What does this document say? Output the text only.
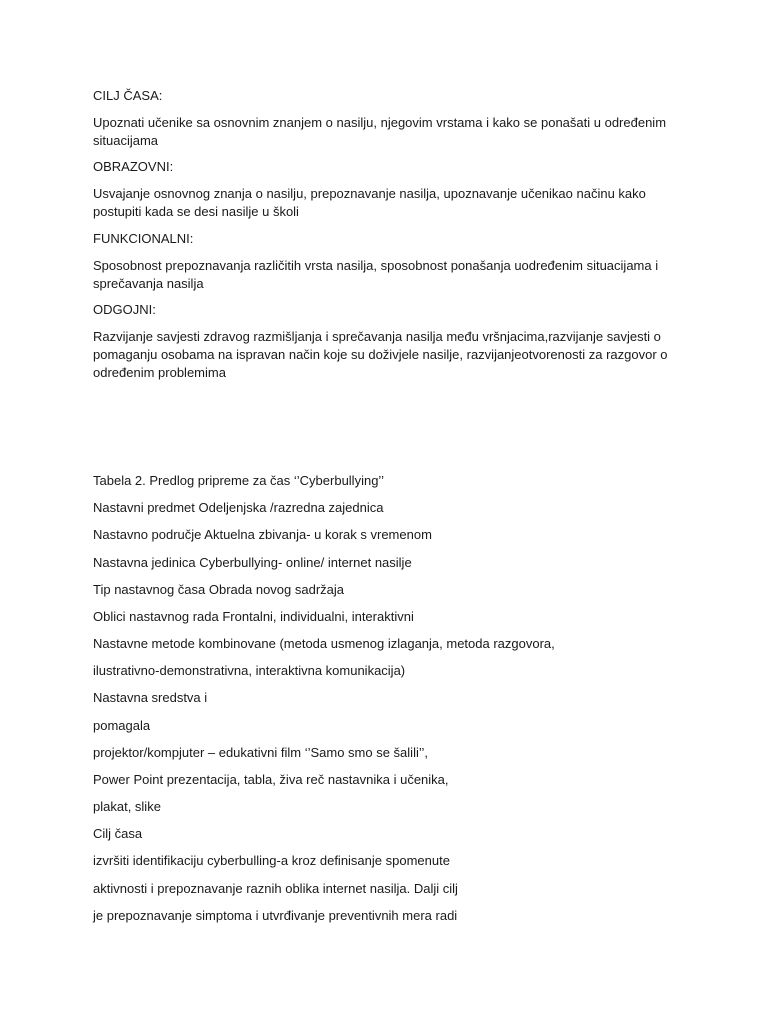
CILJ ČASA:
Upoznati učenike sa osnovnim znanjem o nasilju, njegovim vrstama i kako se ponašati u određenim situacijama
OBRAZOVNI:
Usvajanje osnovnog znanja o nasilju, prepoznavanje nasilja, upoznavanje učenikao načinu kako postupiti kada se desi nasilje u školi
FUNKCIONALNI:
Sposobnost prepoznavanja različitih vrsta nasilja, sposobnost ponašanja uodređenim situacijama i sprečavanja nasilja
ODGOJNI:
Razvijanje savjesti zdravog razmišljanja i sprečavanja nasilja među vršnjacima,razvijanje savjesti o pomaganju osobama na ispravan način koje su doživjele nasilje, razvijanjeotvorenosti za razgovor o određenim problemima
Tabela 2. Predlog pripreme za čas ‘’Cyberbullying’’
Nastavni predmet Odeljenjska /razredna zajednica
Nastavno područje Aktuelna zbivanja- u korak s vremenom
Nastavna jedinica Cyberbullying- online/ internet nasilje
Tip nastavnog časa Obrada novog sadržaja
Oblici nastavnog rada Frontalni, individualni, interaktivni
Nastavne metode kombinovane (metoda usmenog izlaganja, metoda razgovora,
ilustrativno-demonstrativna, interaktivna komunikacija)
Nastavna sredstva i
pomagala
projektor/kompjuter – edukativni film ‘’Samo smo se šalili’’,
Power Point prezentacija, tabla, živa reč nastavnika i učenika,
plakat, slike
Cilj časa
izvršiti identifikaciju cyberbulling-a kroz definisanje spomenute
aktivnosti i prepoznavanje raznih oblika internet nasilja. Dalji cilj
je prepoznavanje simptoma i utvrđivanje preventivnih mera radi
